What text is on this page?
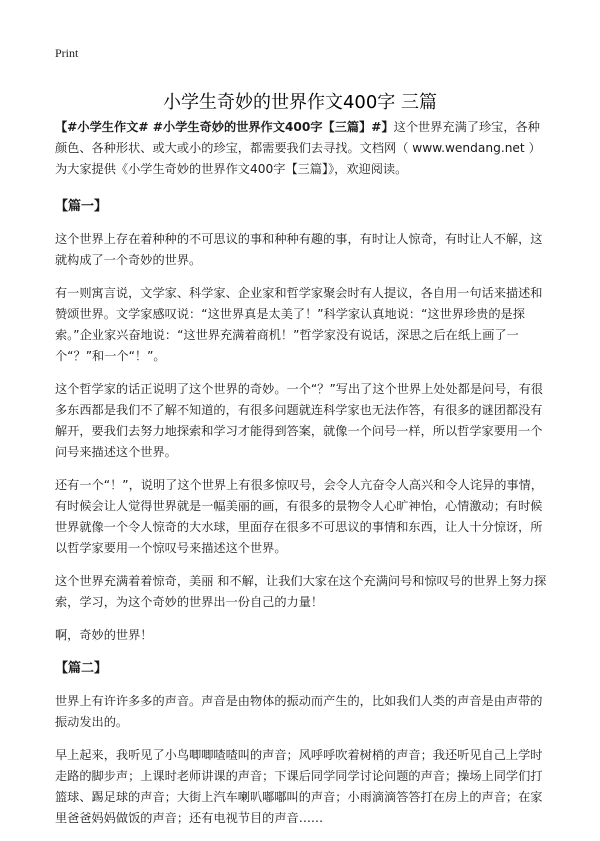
Print
小学生奇妙的世界作文400字 三篇

【#小学生作文# #小学生奇妙的世界作文400字【三篇】#】这个世界充满了珍宝，各种颜色、各种形状、或大或小的珍宝，都需要我们去寻找。文档网（ www.wendang.net ）为大家提供《小学生奇妙的世界作文400字【三篇】》，欢迎阅读。

【篇一】

这个世界上存在着种种的不可思议的事和种种有趣的事，有时让人惊奇，有时让人不解，这就构成了一个奇妙的世界。

有一则寓言说，文学家、科学家、企业家和哲学家聚会时有人提议，各自用一句话来描述和赞颂世界。文学家感叹说：“这世界真是太美了！”科学家认真地说：“这世界珍贵的是探索。”企业家兴奋地说：“这世界充满着商机！”哲学家没有说话，深思之后在纸上画了一个“？”和一个“！”。

这个哲学家的话正说明了这个世界的奇妙。一个“？”写出了这个世界上处处都是问号，有很多东西都是我们不了解不知道的，有很多问题就连科学家也无法作答，有很多的谜团都没有解开，要我们去努力地探索和学习才能得到答案，就像一个问号一样，所以哲学家要用一个问号来描述这个世界。

还有一个“！”，说明了这个世界上有很多惊叹号，会令人亢奋令人高兴和令人诧异的事情，有时候会让人觉得世界就是一幅美丽的画，有很多的景物令人心旷神怡，心情激动；有时候世界就像一个令人惊奇的大水球，里面存在很多不可思议的事情和东西，让人十分惊讶，所以哲学家要用一个惊叹号来描述这个世界。

这个世界充满着着惊奇，美丽 和不解，让我们大家在这个充满问号和惊叹号的世界上努力探索，学习，为这个奇妙的世界出一份自己的力量！

啊，奇妙的世界！

【篇二】

世界上有许许多多的声音。声音是由物体的振动而产生的，比如我们人类的声音是由声带的振动发出的。

早上起来，我听见了小鸟唧唧喳喳叫的声音；风呼呼吹着树梢的声音；我还听见自己上学时走路的脚步声；上课时老师讲课的声音；下课后同学同学讨论问题的声音；操场上同学们打篮球、踢足球的声音；大街上汽车喇叭嘟嘟叫的声音；小雨滴滴答答打在房上的声音；在家里爸爸妈妈做饭的声音；还有电视节目的声音……
